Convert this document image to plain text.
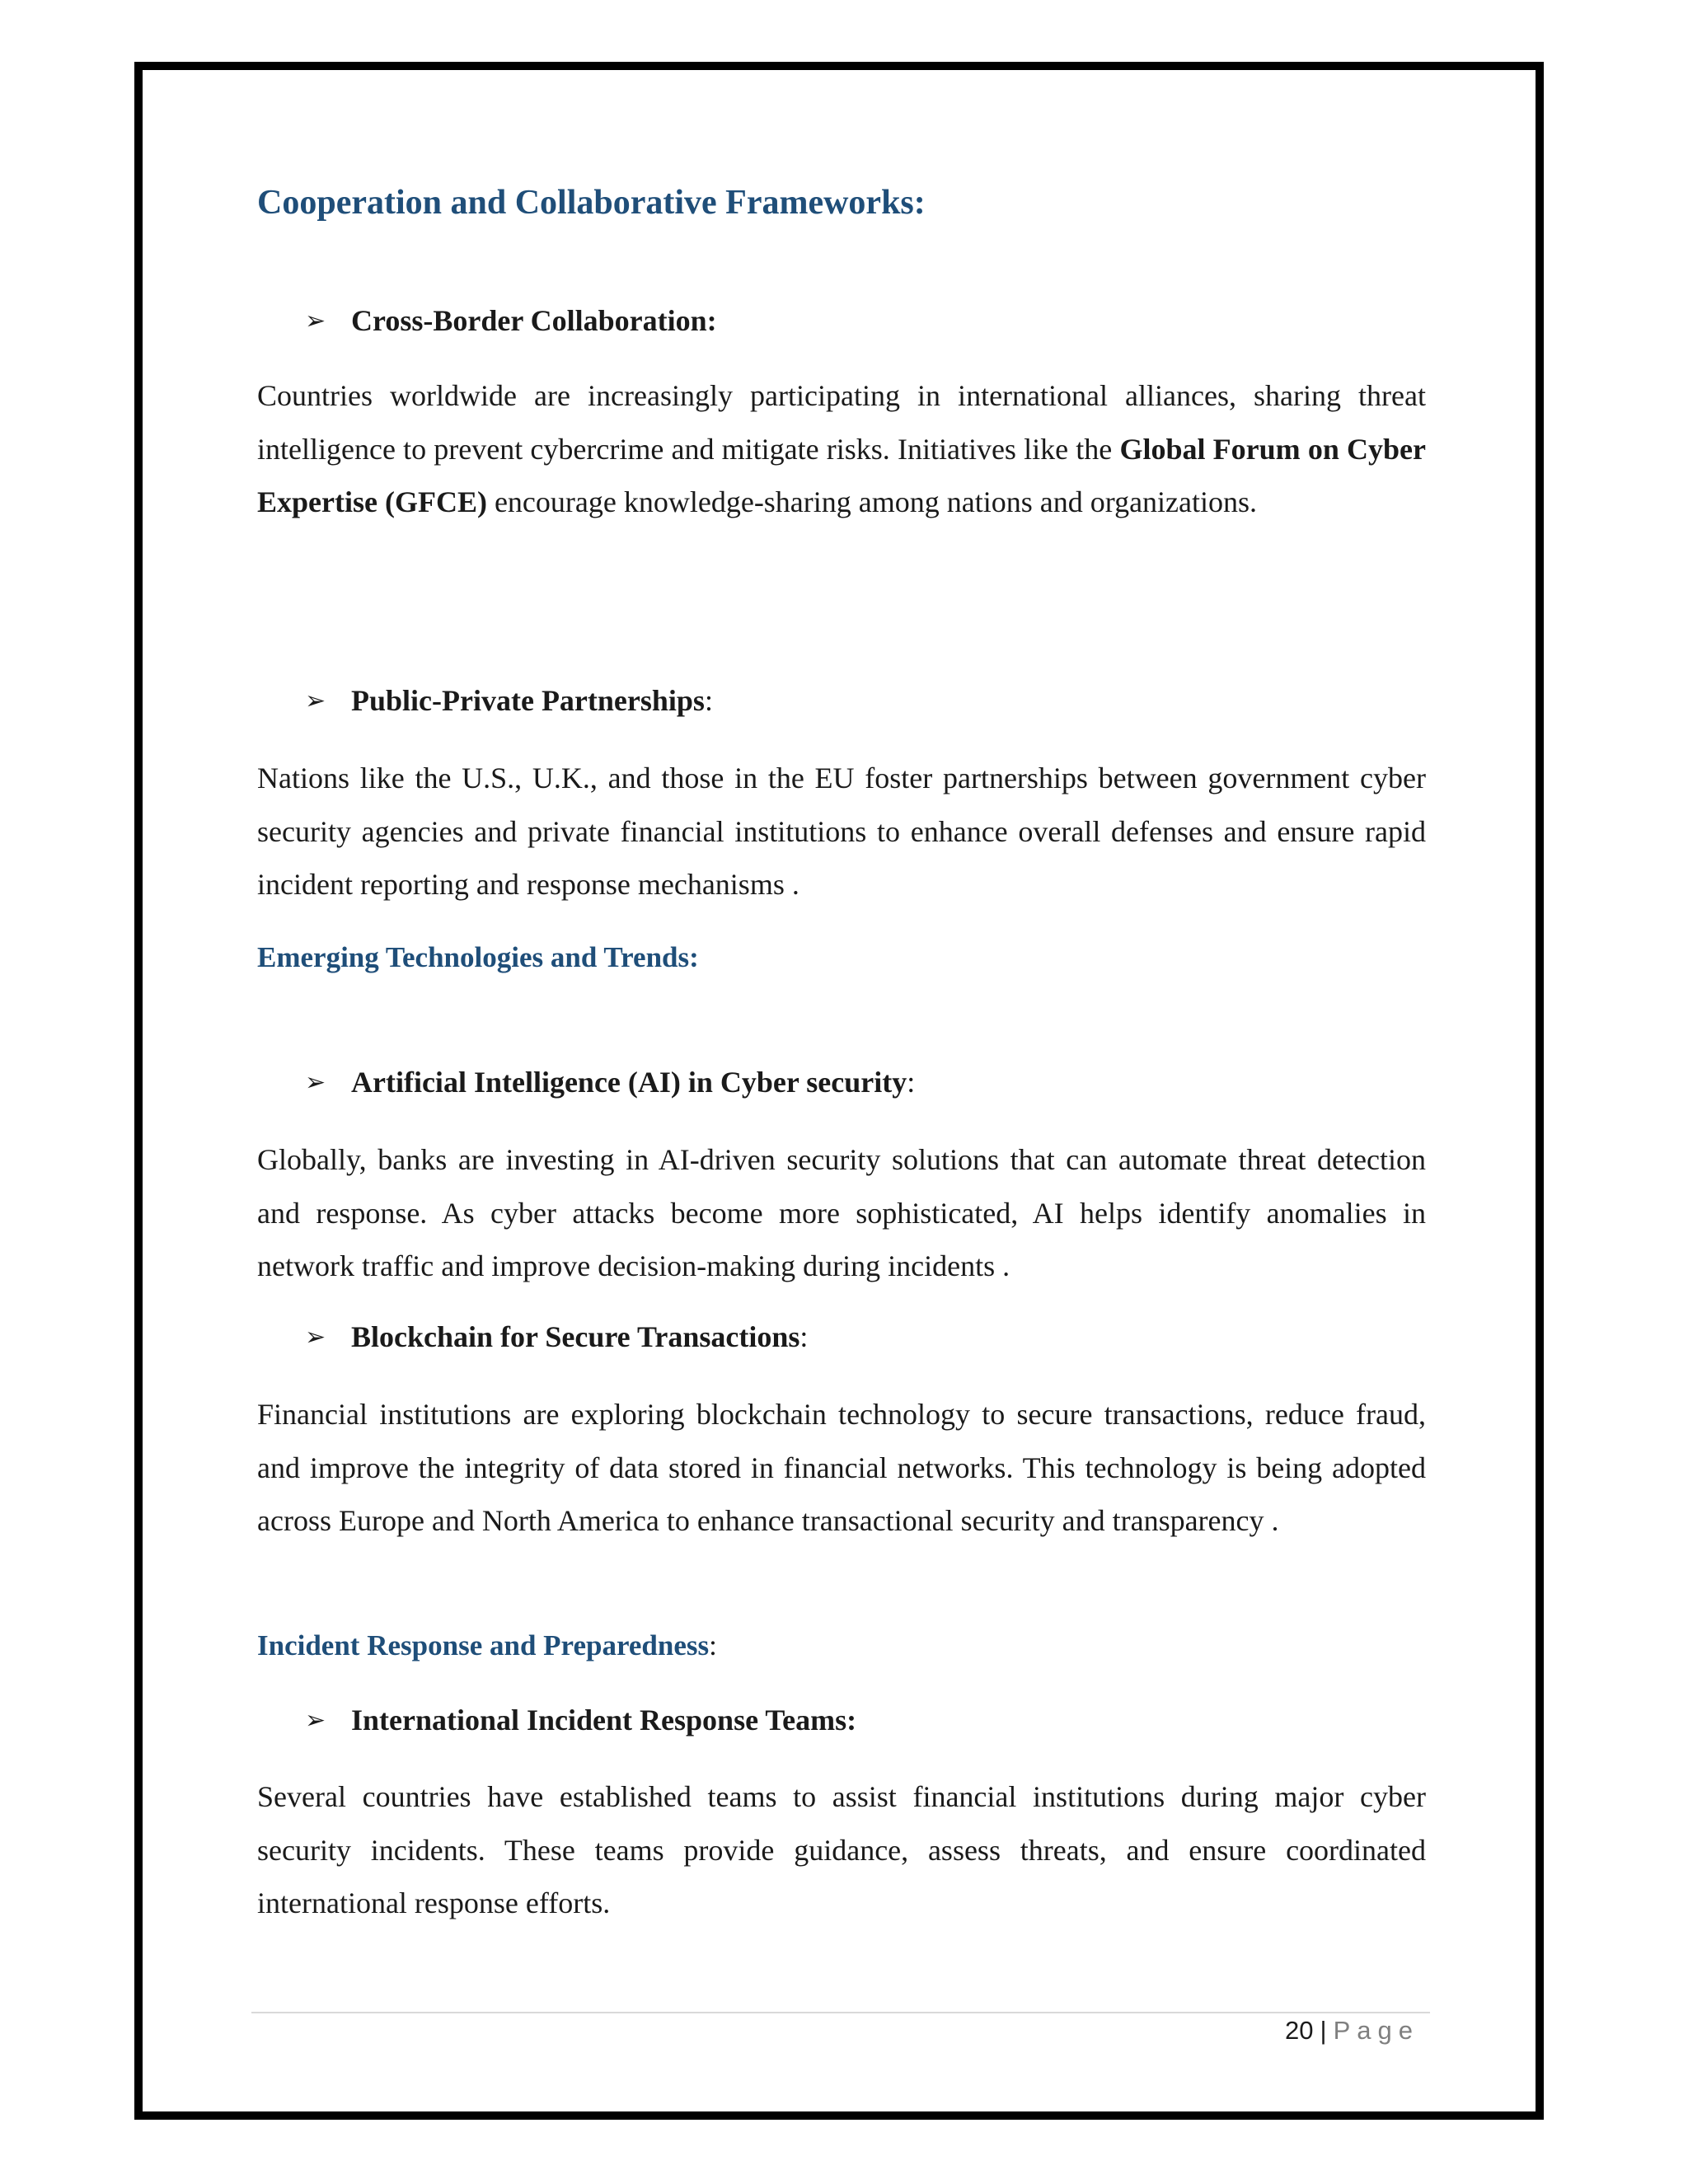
Cooperation and Collaborative Frameworks:
➢ Cross-Border Collaboration:
Countries worldwide are increasingly participating in international alliances, sharing threat intelligence to prevent cybercrime and mitigate risks. Initiatives like the Global Forum on Cyber Expertise (GFCE) encourage knowledge-sharing among nations and organizations.
➢ Public-Private Partnerships :
Nations like the U.S., U.K., and those in the EU foster partnerships between government cyber security agencies and private financial institutions to enhance overall defenses and ensure rapid incident reporting and response mechanisms .
Emerging Technologies and Trends:
➢ Artificial Intelligence (AI) in Cyber security :
Globally, banks are investing in AI-driven security solutions that can automate threat detection and response. As cyber attacks become more sophisticated, AI helps identify anomalies in network traffic and improve decision-making during incidents .
➢ Blockchain for Secure Transactions :
Financial institutions are exploring blockchain technology to secure transactions, reduce fraud, and improve the integrity of data stored in financial networks. This technology is being adopted across Europe and North America to enhance transactional security and transparency .
Incident Response and Preparedness:
➢ International Incident Response Teams:
Several countries have established teams to assist financial institutions during major cyber security incidents. These teams provide guidance, assess threats, and ensure coordinated international response efforts.
20 | Page
